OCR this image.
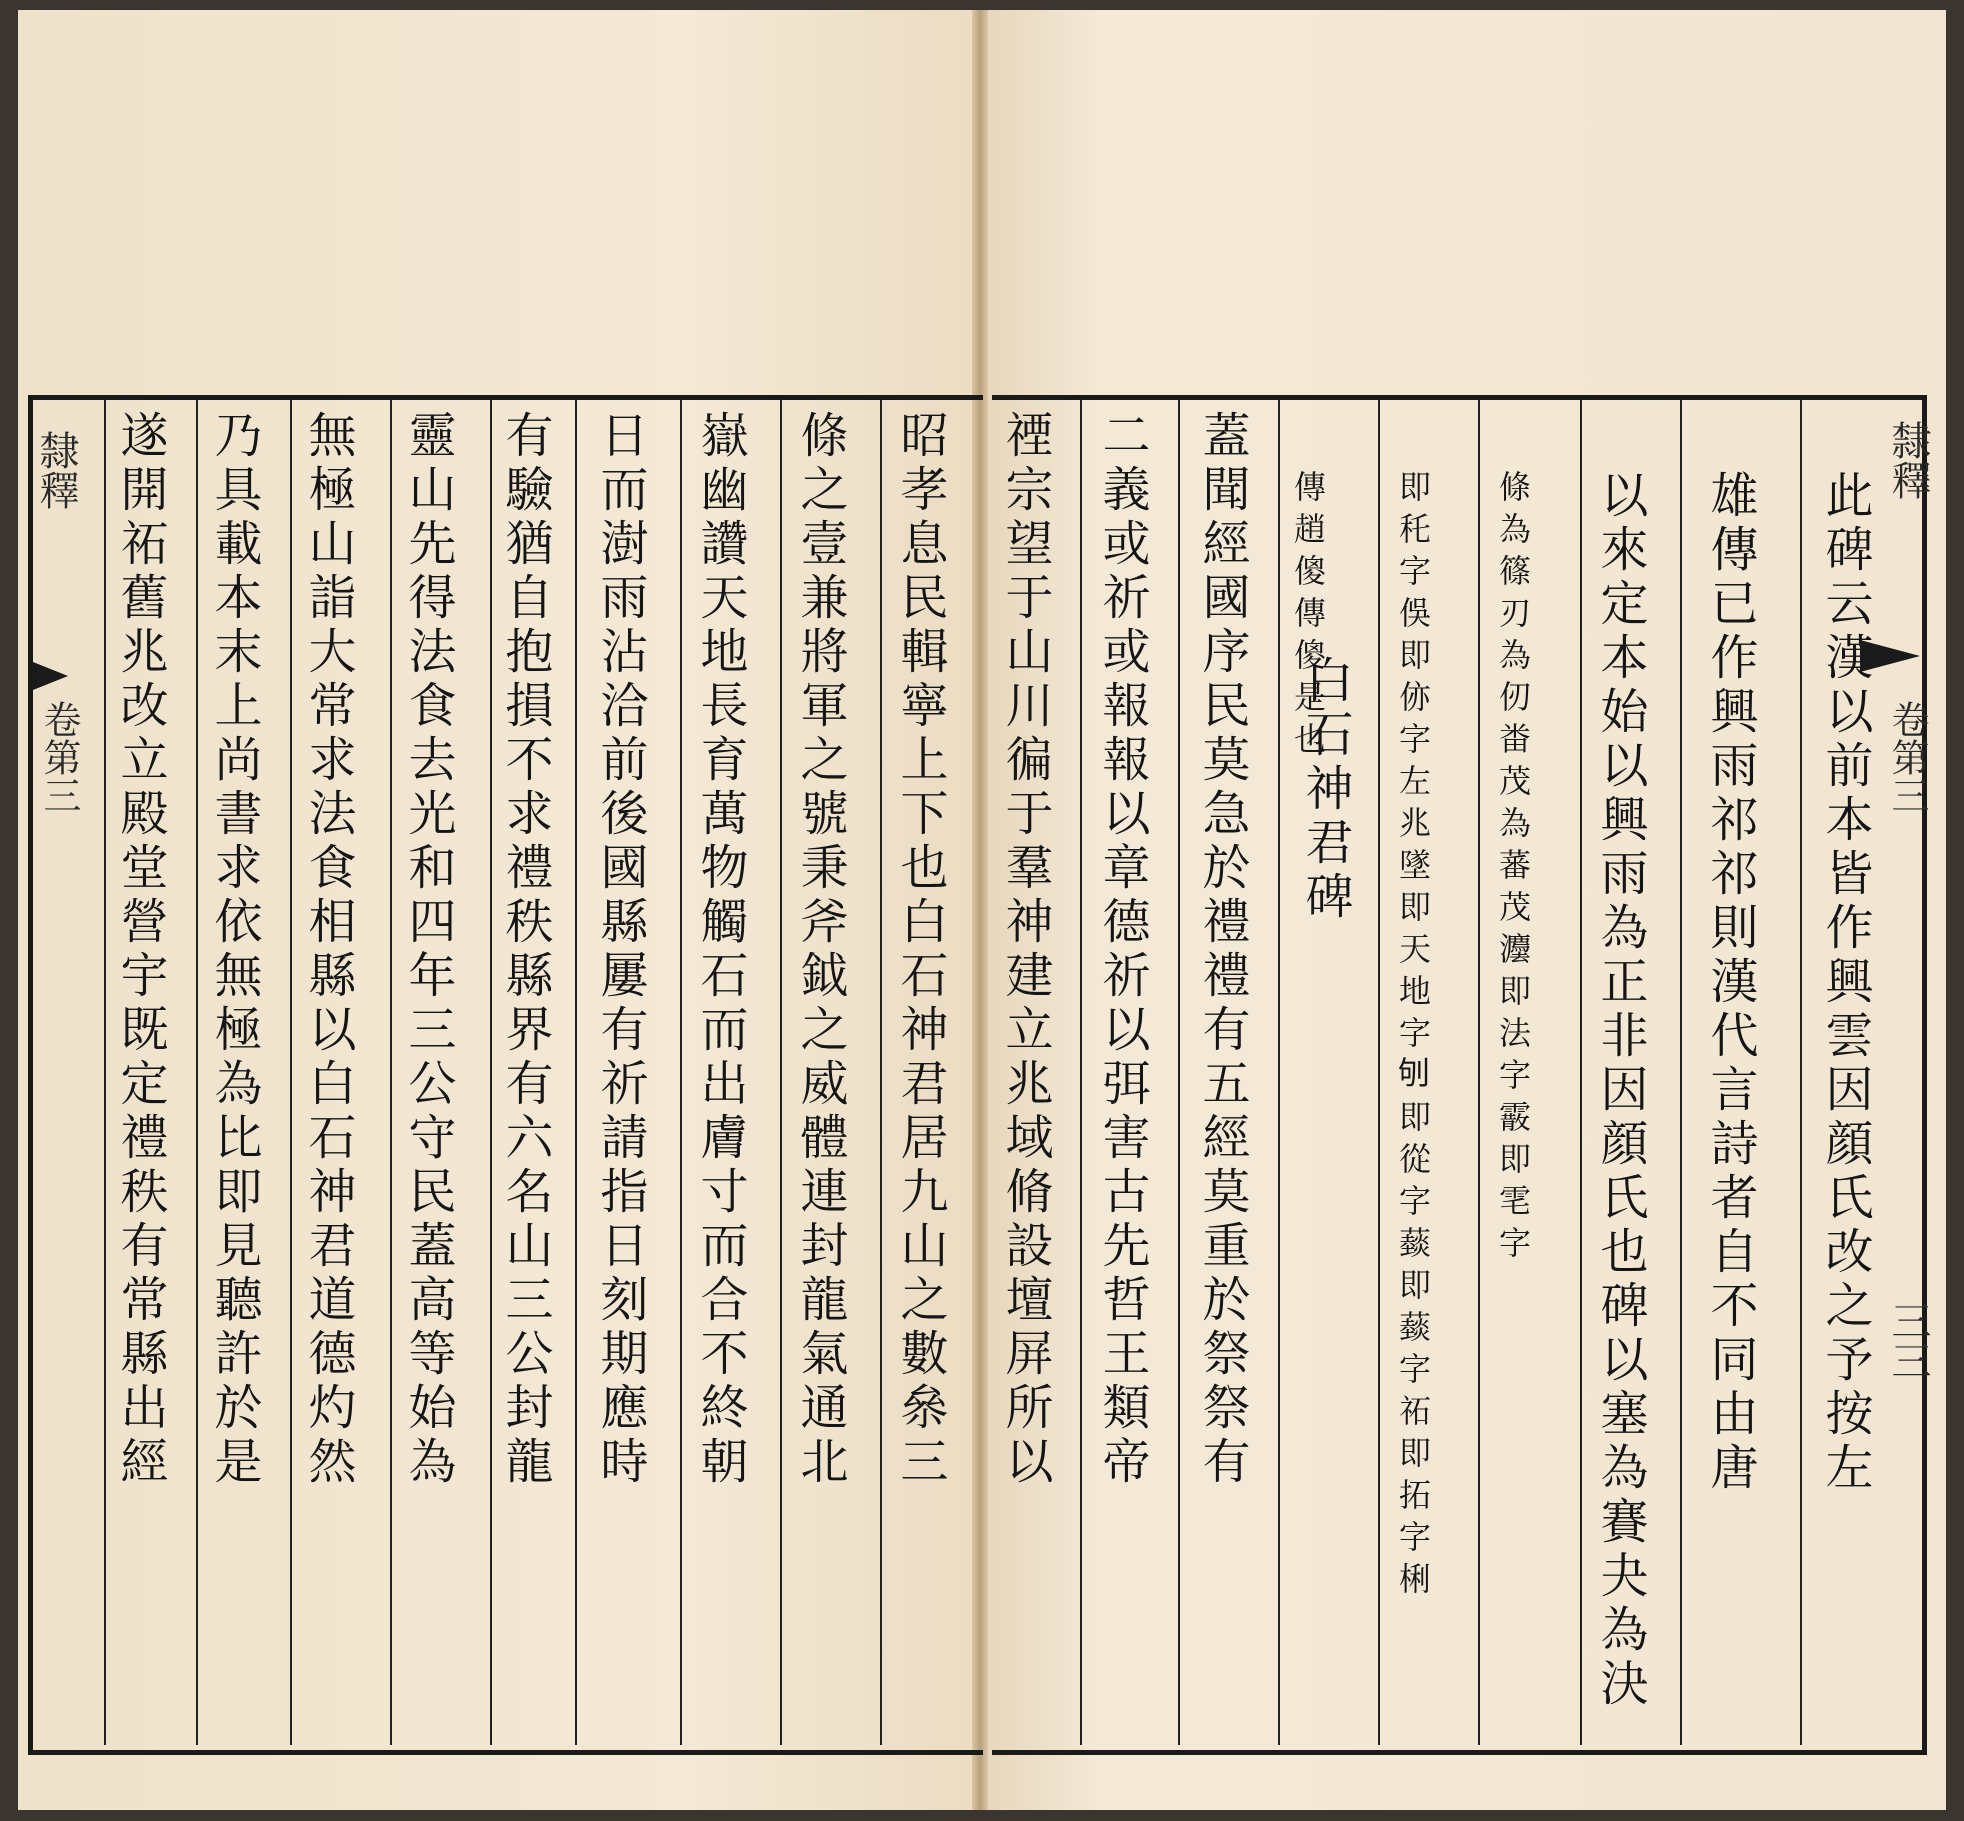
昭孝息民輯寧上下也白石神君居九山之數㕘三
條之壹兼將軍之號秉斧鉞之威體連封龍氣通北
嶽幽讚天地長育萬物觸石而出膚寸而合不終朝
日而澍雨沾洽前後國縣屢有祈請指日刻期應時
有驗猶自抱損不求禮秩縣界有六名山三公封龍
靈山先得法食去光和四年三公守民蓋高等始為
無極山詣大常求法食相縣以白石神君道德灼然
乃具載本末上尚書求依無極為比即見聽許於是
遂開祏舊兆改立殿堂營宇既定禮秩有常縣出經
隸釋
卷第三	此碑云漢以前本皆作興雲因顔氏改之予按左
雄傳已作興雨祁祁則漢代言詩者自不同由唐
以來定本始以興雨為正非因顔氏也碑以塞為賽夬為決
條為篠刃為仞畨茂為蕃茂灋即法字霰即䨋字
即秅字俁即㑊字左兆墜即天地字𠛎即從字䕭即䕭字祏即拓字梸
傳趙傻傳傻是也
白石神君碑
蓋聞經國序民莫急於禮禮有五經莫重於祭祭有
二義或祈或報報以章德祈以弭害古先哲王類帝
禋宗望于山川徧于羣神建立兆域脩設壇屏所以	隸釋
卷第三
三三
